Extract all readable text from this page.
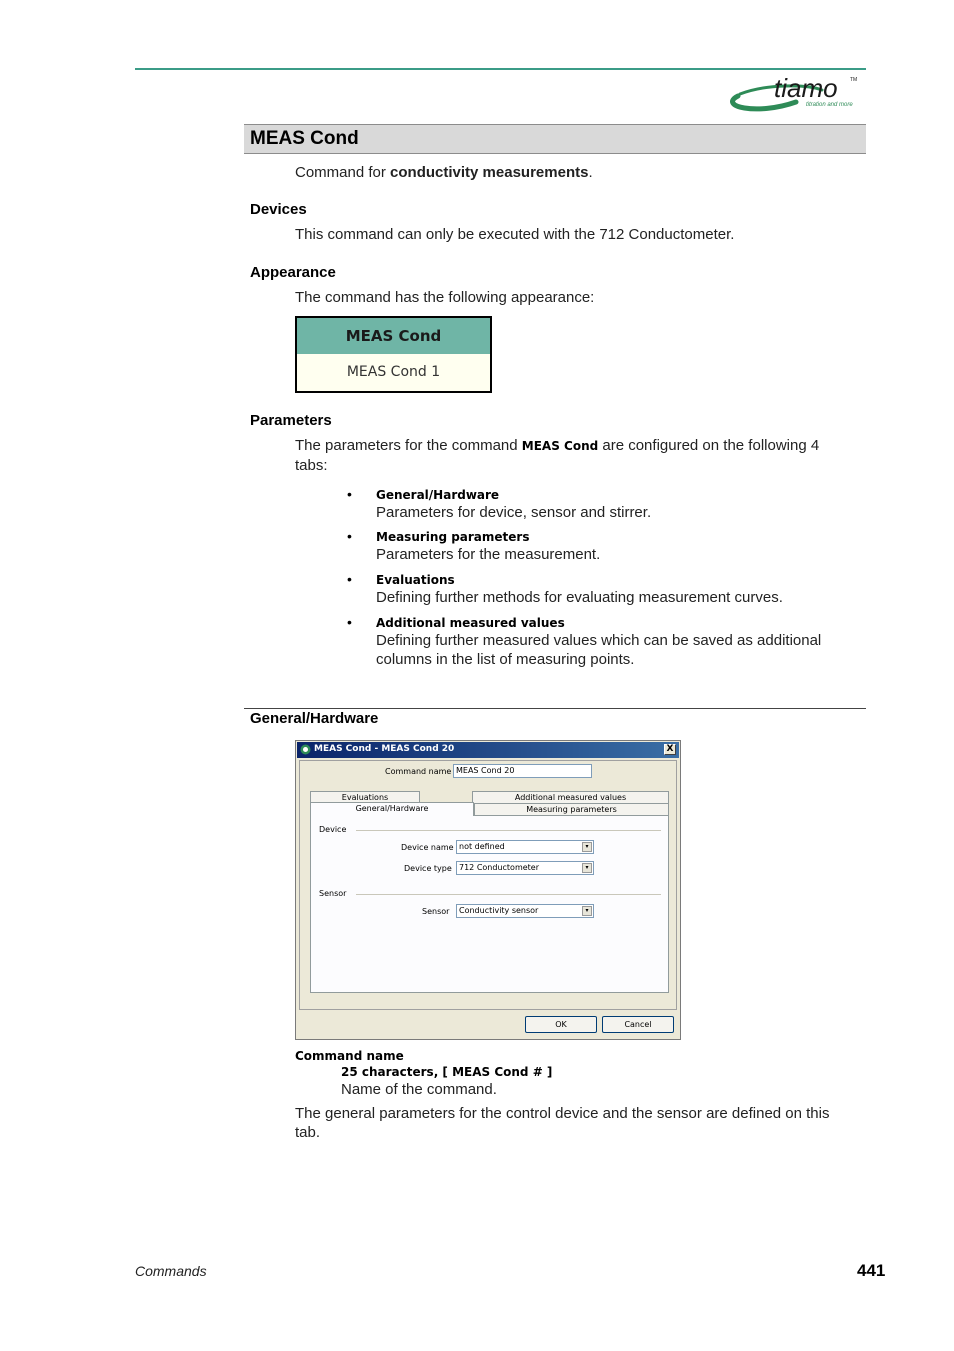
tiamo TM
titration and more
MEAS Cond
Command for conductivity measurements.
Devices
This command can only be executed with the 712 Conductometer.
Appearance
The command has the following appearance:
MEAS Cond
MEAS Cond 1
Parameters
The parameters for the command MEAS Cond are configured on the following 4
tabs:
• General/Hardware
Parameters for device, sensor and stirrer.
• Measuring parameters
Parameters for the measurement.
• Evaluations
Defining further methods for evaluating measurement curves.
• Additional measured values
Defining further measured values which can be saved as additional
columns in the list of measuring points.
General/Hardware
MEAS Cond - MEAS Cond 20	X
Command name MEAS Cond 20
Evaluations	Additional measured values
General/Hardware	Measuring parameters
Device
Device name not defined	▾
Device type 712 Conductometer	▾
Sensor
Sensor	Conductivity sensor	▾
OK	Cancel
Command name
25 characters, [ MEAS Cond # ]
Name of the command.
The general parameters for the control device and the sensor are defined on this
tab.
Commands	441
